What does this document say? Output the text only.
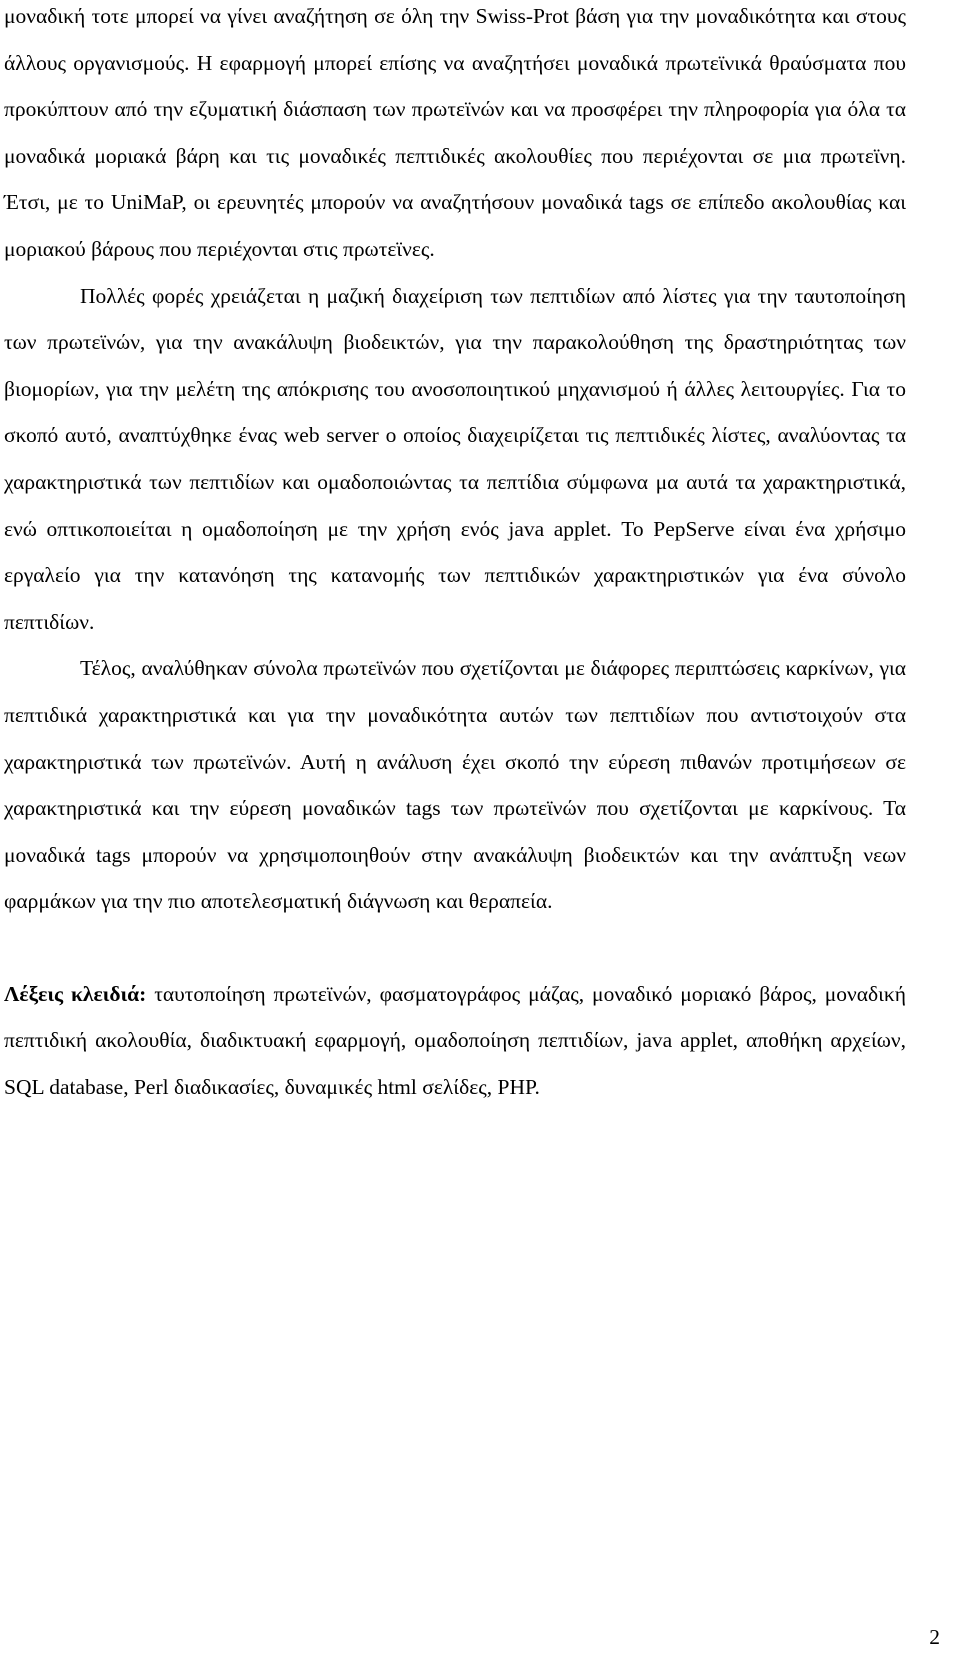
μοναδική τοτε μπορεί να γίνει αναζήτηση σε όλη την Swiss-Prot βάση για την μοναδικότητα και στους άλλους οργανισμούς. Η εφαρμογή μπορεί επίσης να αναζητήσει μοναδικά πρωτεϊνικά θραύσματα που προκύπτουν από την εζυματική διάσπαση των πρωτεϊνών και να προσφέρει την πληροφορία για όλα τα μοναδικά μοριακά βάρη και τις μοναδικές πεπτιδικές ακολουθίες που περιέχονται σε μια πρωτεϊνη. Έτσι, με το UniMaP, οι ερευνητές μπορούν να αναζητήσουν μοναδικά tags σε επίπεδο ακολουθίας και μοριακού βάρους που περιέχονται στις πρωτεϊνες.

Πολλές φορές χρειάζεται η μαζική διαχείριση των πεπτιδίων από λίστες για την ταυτοποίηση των πρωτεϊνών, για την ανακάλυψη βιοδεικτών, για την παρακολούθηση της δραστηριότητας των βιομορίων, για την μελέτη της απόκρισης του ανοσοποιητικού μηχανισμού ή άλλες λειτουργίες. Για το σκοπό αυτό, αναπτύχθηκε ένας web server ο οποίος διαχειρίζεται τις πεπτιδικές λίστες, αναλύοντας τα χαρακτηριστικά των πεπτιδίων και ομαδοποιώντας τα πεπτίδια σύμφωνα μα αυτά τα χαρακτηριστικά, ενώ οπτικοποιείται η ομαδοποίηση με την χρήση ενός java applet. Το PepServe είναι ένα χρήσιμο εργαλείο για την κατανόηση της κατανομής των πεπτιδικών χαρακτηριστικών για ένα σύνολο πεπτιδίων.

Τέλος, αναλύθηκαν σύνολα πρωτεϊνών που σχετίζονται με διάφορες περιπτώσεις καρκίνων, για πεπτιδικά χαρακτηριστικά και για την μοναδικότητα αυτών των πεπτιδίων που αντιστοιχούν στα χαρακτηριστικά των πρωτεϊνών. Αυτή η ανάλυση έχει σκοπό την εύρεση πιθανών προτιμήσεων σε χαρακτηριστικά και την εύρεση μοναδικών tags των πρωτεϊνών που σχετίζονται με καρκίνους. Τα μοναδικά tags μπορούν να χρησιμοποιηθούν στην ανακάλυψη βιοδεικτών και την ανάπτυξη νεων φαρμάκων για την πιο αποτελεσματική διάγνωση και θεραπεία.

Λέξεις κλειδιά: ταυτοποίηση πρωτεϊνών, φασματογράφος μάζας, μοναδικό μοριακό βάρος, μοναδική πεπτιδική ακολουθία, διαδικτυακή εφαρμογή, ομαδοποίηση πεπτιδίων, java applet, αποθήκη αρχείων, SQL database, Perl διαδικασίες, δυναμικές html σελίδες, PHP.

2
